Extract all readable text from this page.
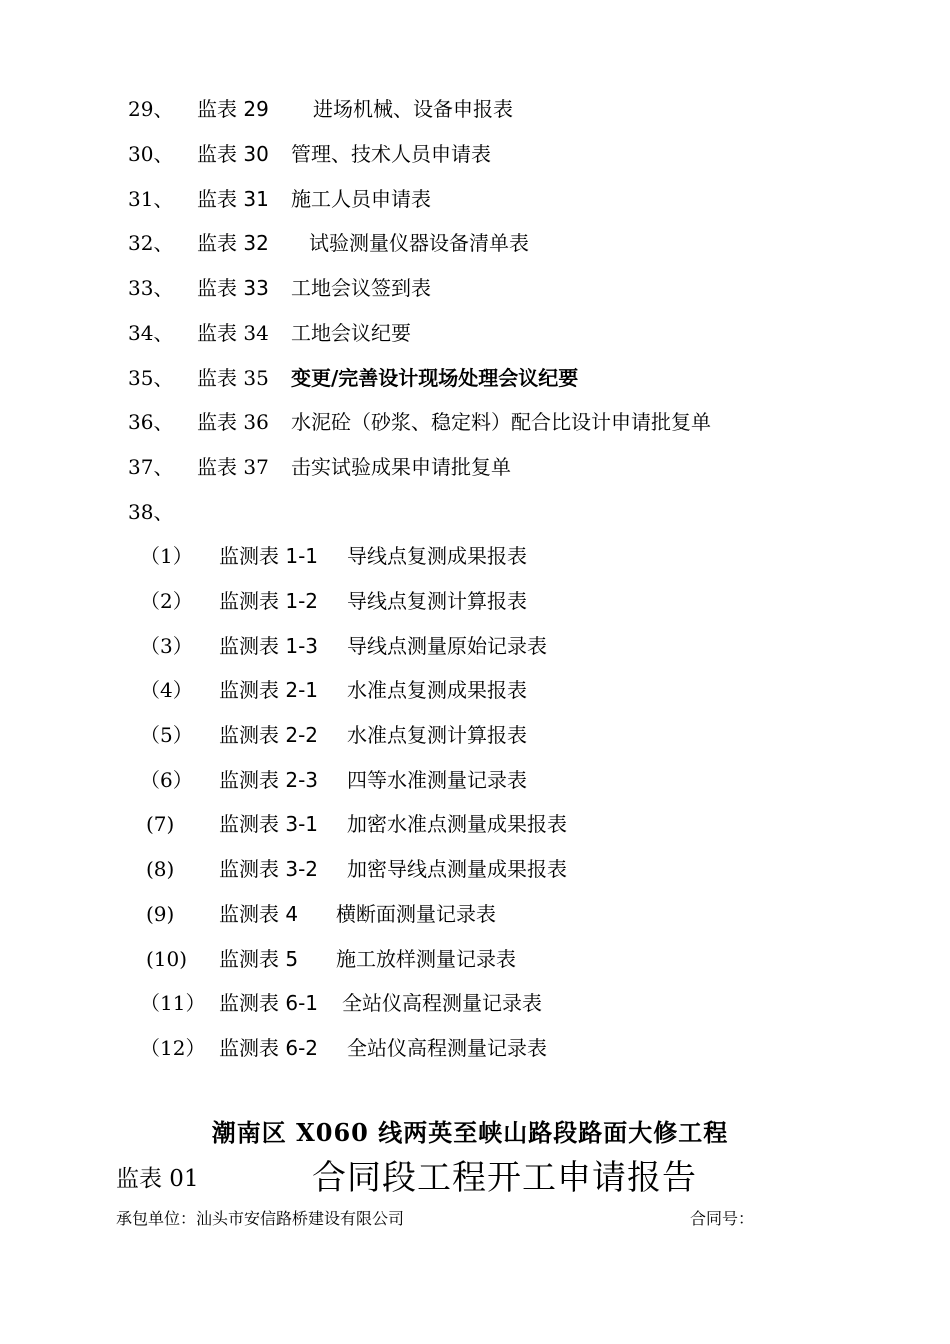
29、 监表 29 进场机械、设备申报表
30、 监表 30 管理、技术人员申请表
31、 监表 31 施工人员申请表
32、 监表 32 试验测量仪器设备清单表
33、 监表 33 工地会议签到表
34、 监表 34 工地会议纪要
35、 监表 35 变更/完善设计现场处理会议纪要
36、 监表 36 水泥砼（砂浆、稳定料）配合比设计申请批复单
37、 监表 37 击实试验成果申请批复单
38、
（1） 监测表 1-1 导线点复测成果报表
（2） 监测表 1-2 导线点复测计算报表
（3） 监测表 1-3 导线点测量原始记录表
（4） 监测表 2-1 水准点复测成果报表
（5） 监测表 2-2 水准点复测计算报表
（6） 监测表 2-3 四等水准测量记录表
(7) 监测表 3-1 加密水准点测量成果报表
(8) 监测表 3-2 加密导线点测量成果报表
(9) 监测表 4 横断面测量记录表
(10) 监测表 5 施工放样测量记录表
（11） 监测表 6-1 全站仪高程测量记录表
（12） 监测表 6-2 全站仪高程测量记录表
潮南区 X060 线两英至峡山路段路面大修工程
监表 01	合同段工程开工申请报告
承包单位：汕头市安信路桥建设有限公司	合同号：
